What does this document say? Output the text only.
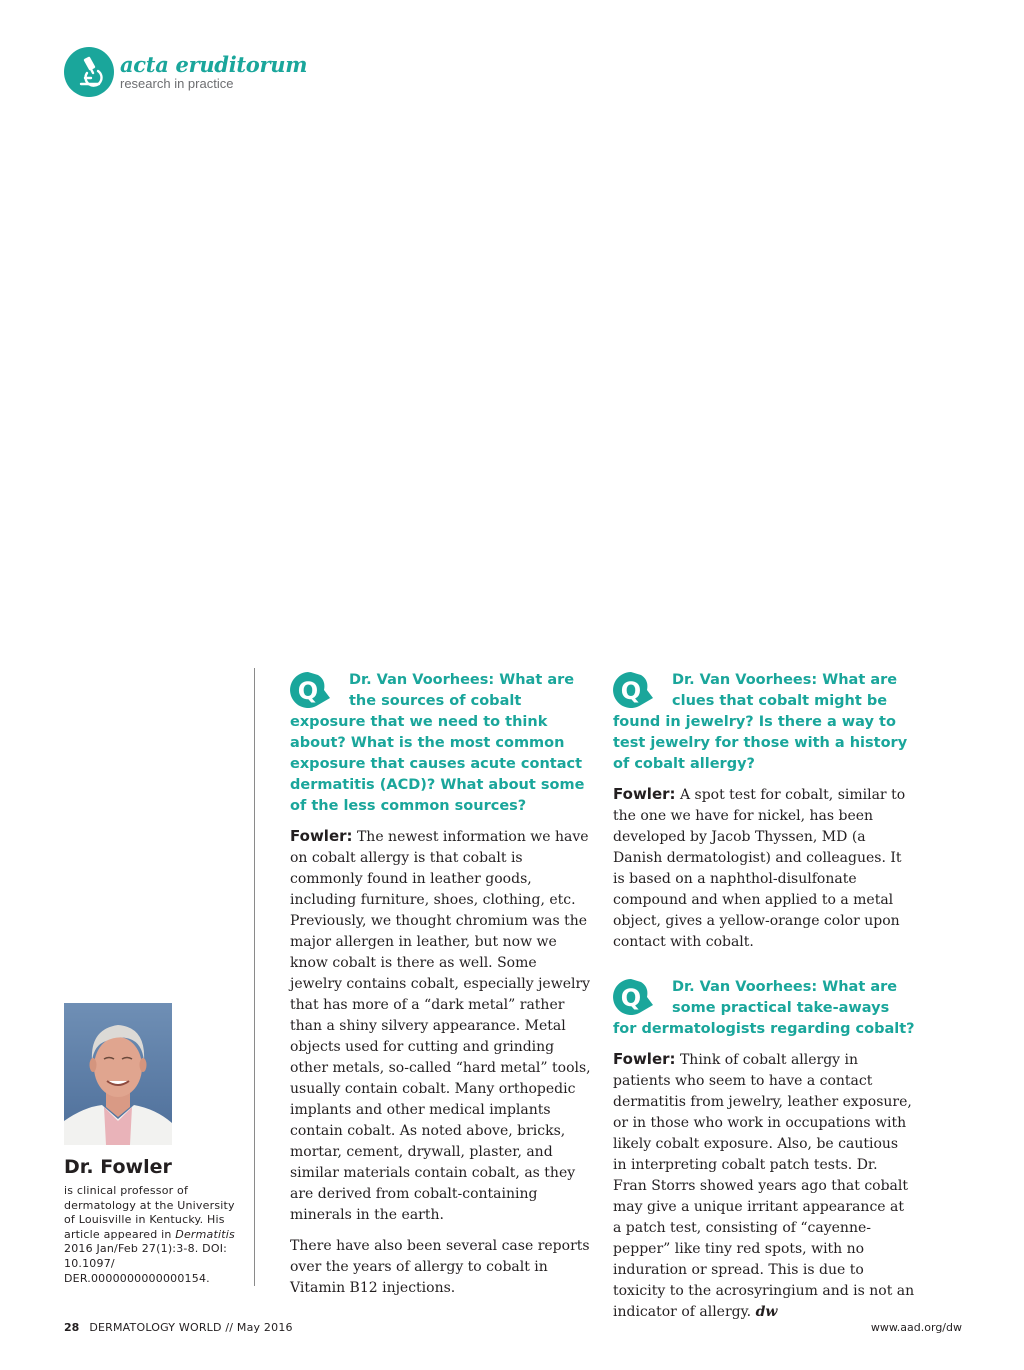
acta eruditorum
research in practice
Dr. Fowler
is clinical professor of dermatology at the University of Louisville in Kentucky. His article appeared in Dermatitis 2016 Jan/Feb 27(1):3-8. DOI: 10.1097/ DER.0000000000000154.
Q Dr. Van Voorhees: What are the sources of cobalt exposure that we need to think about? What is the most common exposure that causes acute contact dermatitis (ACD)? What about some of the less common sources?

Fowler: The newest information we have on cobalt allergy is that cobalt is commonly found in leather goods, including furniture, shoes, clothing, etc. Previously, we thought chromium was the major allergen in leather, but now we know cobalt is there as well. Some jewelry contains cobalt, especially jewelry that has more of a “dark metal” rather than a shiny silvery appearance. Metal objects used for cutting and grinding other metals, so-called “hard metal” tools, usually contain cobalt. Many orthopedic implants and other medical implants contain cobalt. As noted above, bricks, mortar, cement, drywall, plaster, and similar materials contain cobalt, as they are derived from cobalt-containing minerals in the earth.

There have also been several case reports over the years of allergy to cobalt in Vitamin B12 injections.

Q Dr. Van Voorhees: What are clues that cobalt might be found in jewelry? Is there a way to test jewelry for those with a history of cobalt allergy?

Fowler: A spot test for cobalt, similar to the one we have for nickel, has been developed by Jacob Thyssen, MD (a Danish dermatologist) and colleagues. It is based on a naphthol-disulfonate compound and when applied to a metal object, gives a yellow-orange color upon contact with cobalt.

Q Dr. Van Voorhees: What are some practical take-aways for dermatologists regarding cobalt?

Fowler: Think of cobalt allergy in patients who seem to have a contact dermatitis from jewelry, leather exposure, or in those who work in occupations with likely cobalt exposure. Also, be cautious in interpreting cobalt patch tests. Dr. Fran Storrs showed years ago that cobalt may give a unique irritant appearance at a patch test, consisting of “cayenne-pepper” like tiny red spots, with no induration or spread. This is due to toxicity to the acrosyringium and is not an indicator of allergy. dw

28 DERMATOLOGY WORLD // May 2016	www.aad.org/dw
